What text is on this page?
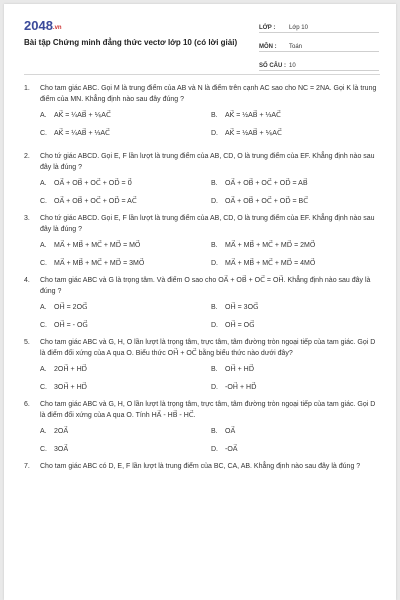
2048.vn
Bài tập Chứng minh đẳng thức vectơ lớp 10 (có lời giải)
LỚP :	Lớp 10
MÔN :	Toán
SỐ CÂU : 10
1.	Cho tam giác ABC. Gọi M là trung điểm của AB và N là điểm trên cạnh AC sao cho NC = 2NA. Gọi K là trung điểm của MN. Khẳng định nào sau đây đúng ?
A.	AK⃗ = ¼AB⃗ + ⅙AC⃗	B.	AK⃗ = ½AB⃗ + ⅓AC⃗
C.	AK⃗ = ¼AB⃗ + ⅓AC⃗	D.	AK⃗ = ½AB⃗ + ⅙AC⃗
2.	Cho tứ giác ABCD. Gọi E, F lần lượt là trung điểm của AB, CD, O là trung điểm của EF. Khẳng định nào sau đây là đúng ?
A.	OA⃗ + OB⃗ + OC⃗ + OD⃗ = 0⃗	B.	OA⃗ + OB⃗ + OC⃗ + OD⃗ = AB⃗
C.	OA⃗ + OB⃗ + OC⃗ + OD⃗ = AC⃗	D.	OA⃗ + OB⃗ + OC⃗ + OD⃗ = BC⃗
3.	Cho tứ giác ABCD. Gọi E, F lần lượt là trung điểm của AB, CD, O là trung điểm của EF. Khẳng định nào sau đây là đúng ?
A.	MA⃗ + MB⃗ + MC⃗ + MD⃗ = MO⃗	B.	MA⃗ + MB⃗ + MC⃗ + MD⃗ = 2MO⃗
C.	MA⃗ + MB⃗ + MC⃗ + MD⃗ = 3MO⃗	D.	MA⃗ + MB⃗ + MC⃗ + MD⃗ = 4MO⃗
4.	Cho tam giác ABC và G là trọng tâm. Và điểm O sao cho OA⃗ + OB⃗ + OC⃗ = OH⃗. Khẳng định nào sau đây là đúng ?
A.	OH⃗ = 2OG⃗	B.	OH⃗ = 3OG⃗
C.	OH⃗ = - OG⃗	D.	OH⃗ = OG⃗
5.	Cho tam giác ABC và G, H, O lần lượt là trọng tâm, trực tâm, tâm đường tròn ngoại tiếp của tam giác. Gọi D là điểm đối xứng của A qua O. Biểu thức OH⃗ + OC⃗ bằng biểu thức nào dưới đây?
A.	2OH⃗ + HD⃗	B.	OH⃗ + HD⃗
C.	3OH⃗ + HD⃗	D.	-OH⃗ + HD⃗
6.	Cho tam giác ABC và G, H, O lần lượt là trọng tâm, trực tâm, tâm đường tròn ngoại tiếp của tam giác. Gọi D là điểm đối xứng của A qua O. Tính HA⃗ - HB⃗ - HC⃗.
A.	2OA⃗	B.	OA⃗
C.	3OA⃗	D.	-OA⃗
7.	Cho tam giác ABC có D, E, F lần lượt là trung điểm của BC, CA, AB. Khẳng định nào sau đây là đúng ?
